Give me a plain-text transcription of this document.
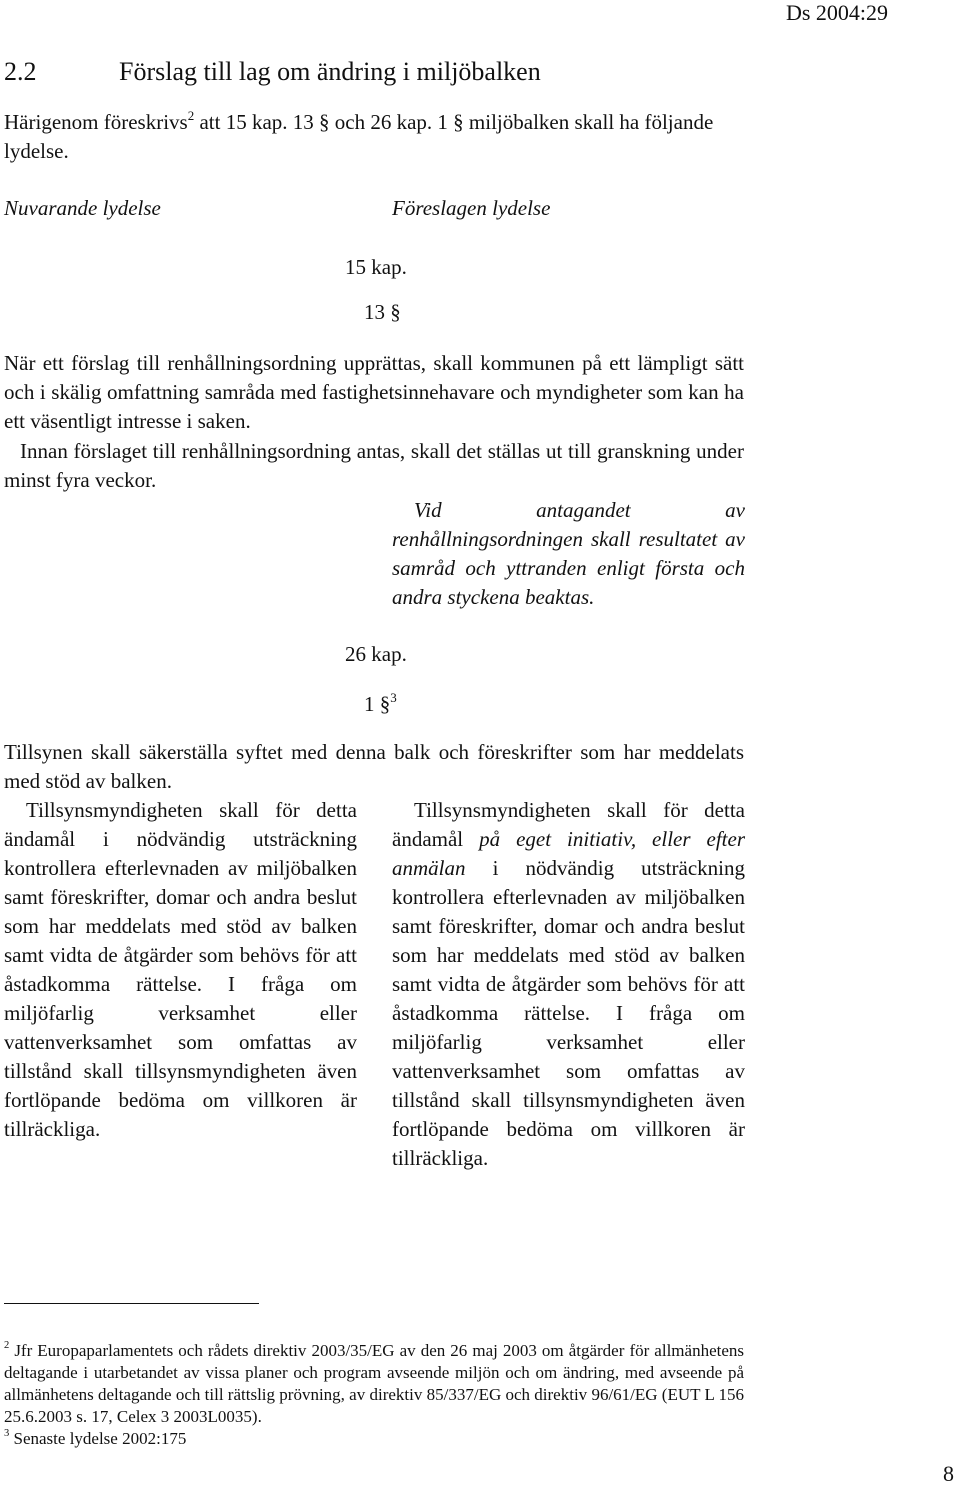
Ds 2004:29
2.2	Förslag till lag om ändring i miljöbalken
Härigenom föreskrivs$^2$ att 15 kap. 13 § och 26 kap. 1 § miljöbalken skall ha följande lydelse.
Nuvarande lydelse	Föreslagen lydelse
15 kap.
13 §
När ett förslag till renhållningsordning upprättas, skall kommunen på ett lämpligt sätt och i skälig omfattning samråda med fastighetsinnehavare och myndigheter som kan ha ett väsentligt intresse i saken.
Innan förslaget till renhållningsordning antas, skall det ställas ut till granskning under minst fyra veckor.
Vid antagandet av renhållningsordningen skall resultatet av samråd och yttranden enligt första och andra styckena beaktas.
26 kap.
1 §$^3$
Tillsynen skall säkerställa syftet med denna balk och föreskrifter som har meddelats med stöd av balken.
Tillsynsmyndigheten skall för detta ändamål i nödvändig utsträckning kontrollera efterlevnaden av miljöbalken samt föreskrifter, domar och andra beslut som har meddelats med stöd av balken samt vidta de åtgärder som behövs för att åstadkomma rättelse. I fråga om miljöfarlig verksamhet eller vattenverksamhet som omfattas av tillstånd skall tillsynsmyndigheten även fortlöpande bedöma om villkoren är tillräckliga.
Tillsynsmyndigheten skall för detta ändamål på eget initiativ, eller efter anmälan i nödvändig utsträckning kontrollera efterlevnaden av miljöbalken samt föreskrifter, domar och andra beslut som har meddelats med stöd av balken samt vidta de åtgärder som behövs för att åstadkomma rättelse. I fråga om miljöfarlig verksamhet eller vattenverksamhet som omfattas av tillstånd skall tillsynsmyndigheten även fortlöpande bedöma om villkoren är tillräckliga.
$^2$ Jfr Europaparlamentets och rådets direktiv 2003/35/EG av den 26 maj 2003 om åtgärder för allmänhetens deltagande i utarbetandet av vissa planer och program avseende miljön och om ändring, med avseende på allmänhetens deltagande och till rättslig prövning, av direktiv 85/337/EG och direktiv 96/61/EG (EUT L 156 25.6.2003 s. 17, Celex 3 2003L0035).
$^3$ Senaste lydelse 2002:175
8
